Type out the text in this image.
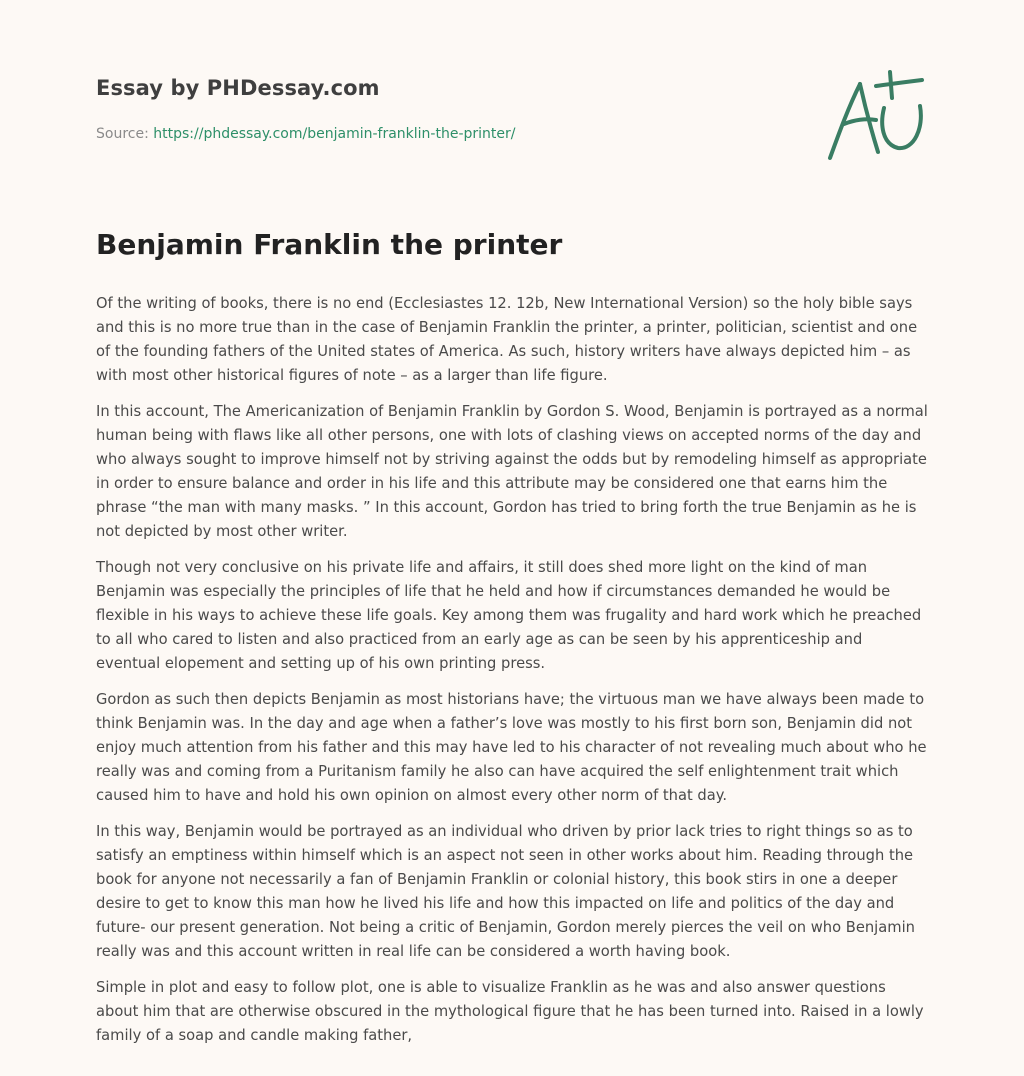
Essay by PHDessay.com
Source: https://phdessay.com/benjamin-franklin-the-printer/
Benjamin Franklin the printer

Of the writing of books, there is no end (Ecclesiastes 12. 12b, New International Version) so the holy bible says and this is no more true than in the case of Benjamin Franklin the printer, a printer, politician, scientist and one of the founding fathers of the United states of America. As such, history writers have always depicted him – as with most other historical figures of note – as a larger than life figure.

In this account, The Americanization of Benjamin Franklin by Gordon S. Wood, Benjamin is portrayed as a normal human being with flaws like all other persons, one with lots of clashing views on accepted norms of the day and who always sought to improve himself not by striving against the odds but by remodeling himself as appropriate in order to ensure balance and order in his life and this attribute may be considered one that earns him the phrase “the man with many masks. ” In this account, Gordon has tried to bring forth the true Benjamin as he is not depicted by most other writer.

Though not very conclusive on his private life and affairs, it still does shed more light on the kind of man Benjamin was especially the principles of life that he held and how if circumstances demanded he would be flexible in his ways to achieve these life goals. Key among them was frugality and hard work which he preached to all who cared to listen and also practiced from an early age as can be seen by his apprenticeship and eventual elopement and setting up of his own printing press.

Gordon as such then depicts Benjamin as most historians have; the virtuous man we have always been made to think Benjamin was. In the day and age when a father’s love was mostly to his first born son, Benjamin did not enjoy much attention from his father and this may have led to his character of not revealing much about who he really was and coming from a Puritanism family he also can have acquired the self enlightenment trait which caused him to have and hold his own opinion on almost every other norm of that day.

In this way, Benjamin would be portrayed as an individual who driven by prior lack tries to right things so as to satisfy an emptiness within himself which is an aspect not seen in other works about him. Reading through the book for anyone not necessarily a fan of Benjamin Franklin or colonial history, this book stirs in one a deeper desire to get to know this man how he lived his life and how this impacted on life and politics of the day and future- our present generation. Not being a critic of Benjamin, Gordon merely pierces the veil on who Benjamin really was and this account written in real life can be considered a worth having book.

Simple in plot and easy to follow plot, one is able to visualize Franklin as he was and also answer questions about him that are otherwise obscured in the mythological figure that he has been turned into. Raised in a lowly family of a soap and candle making father,
